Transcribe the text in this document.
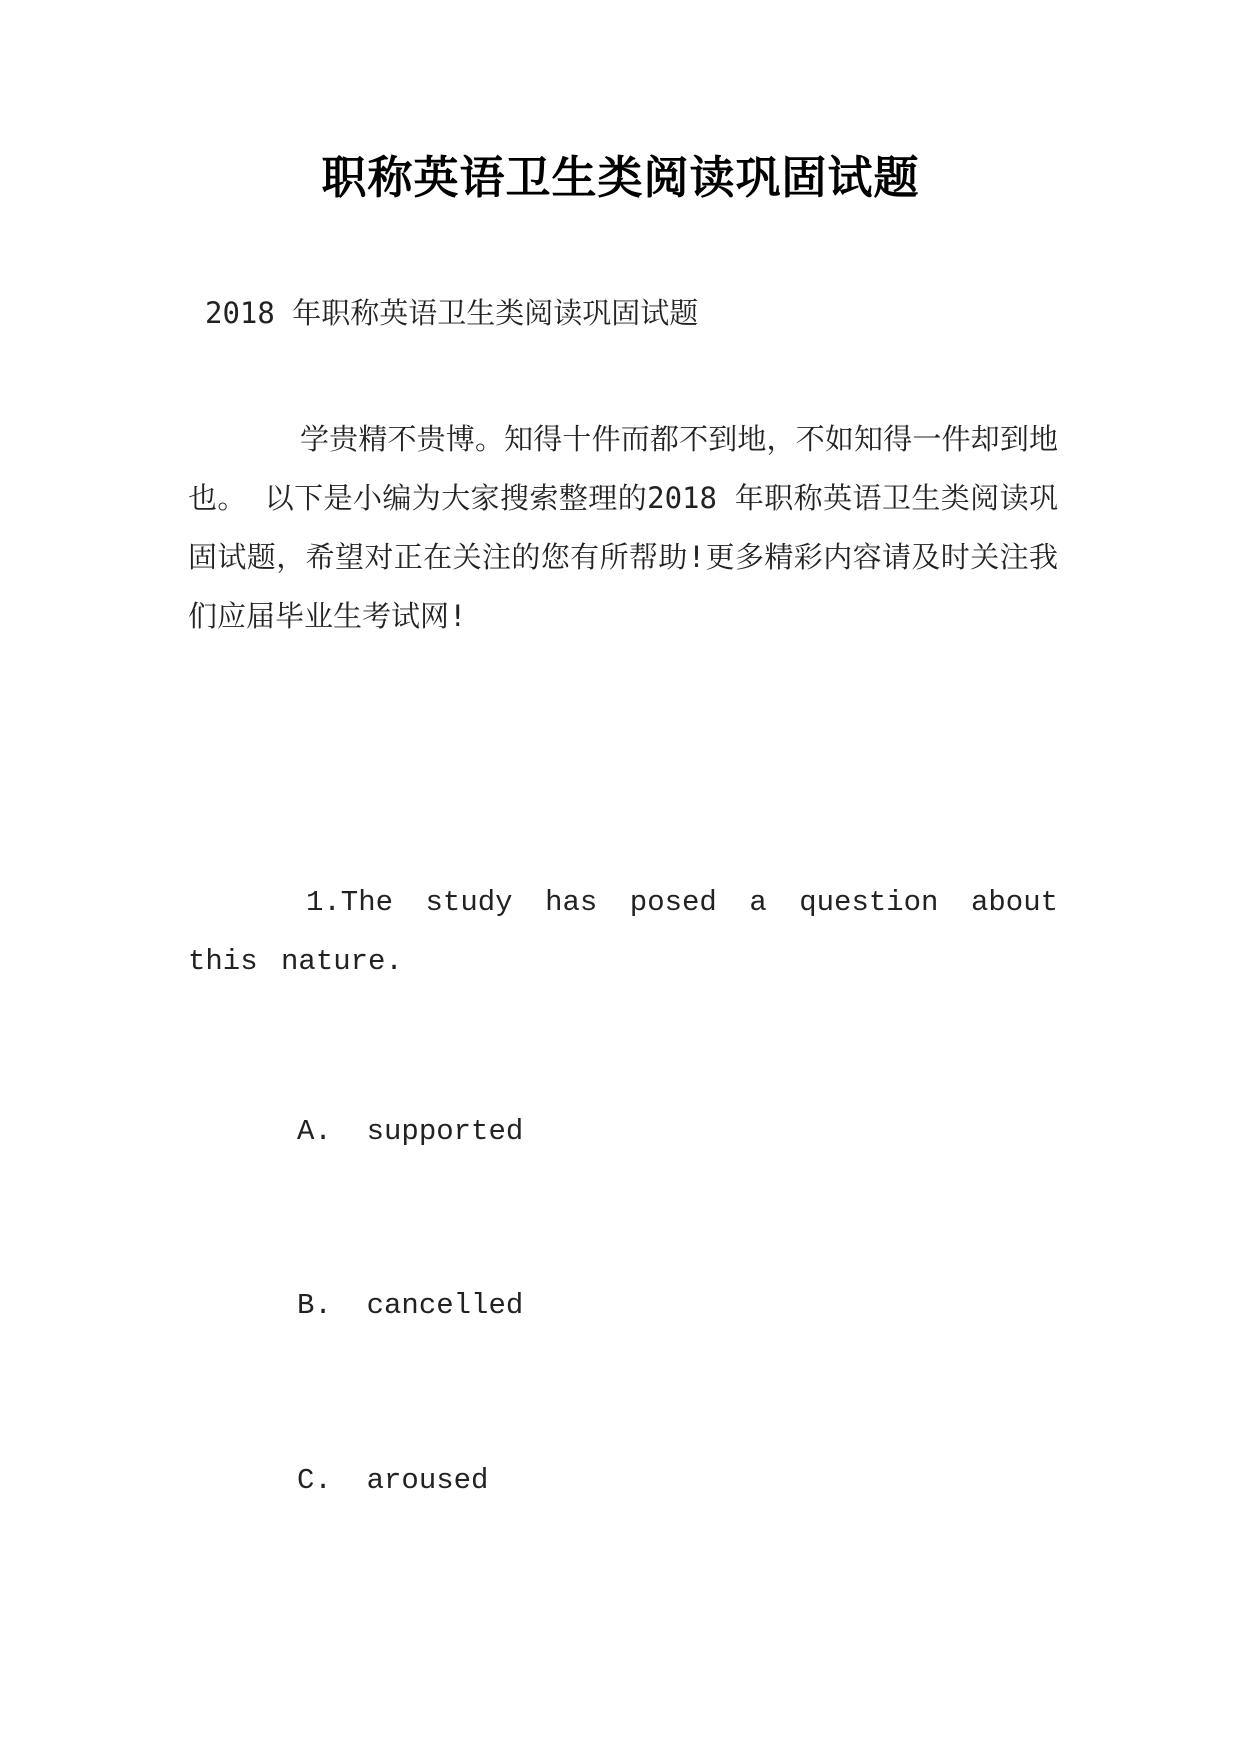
职称英语卫生类阅读巩固试题

2018 年职称英语卫生类阅读巩固试题

学贵精不贵博。知得十件而都不到地，不如知得一件却到地也。 以下是小编为大家搜索整理的2018 年职称英语卫生类阅读巩固试题，希望对正在关注的您有所帮助!更多精彩内容请及时关注我们应届毕业生考试网!

1.The study has posed a question about this nature.

A. supported

B. cancelled

C. aroused
